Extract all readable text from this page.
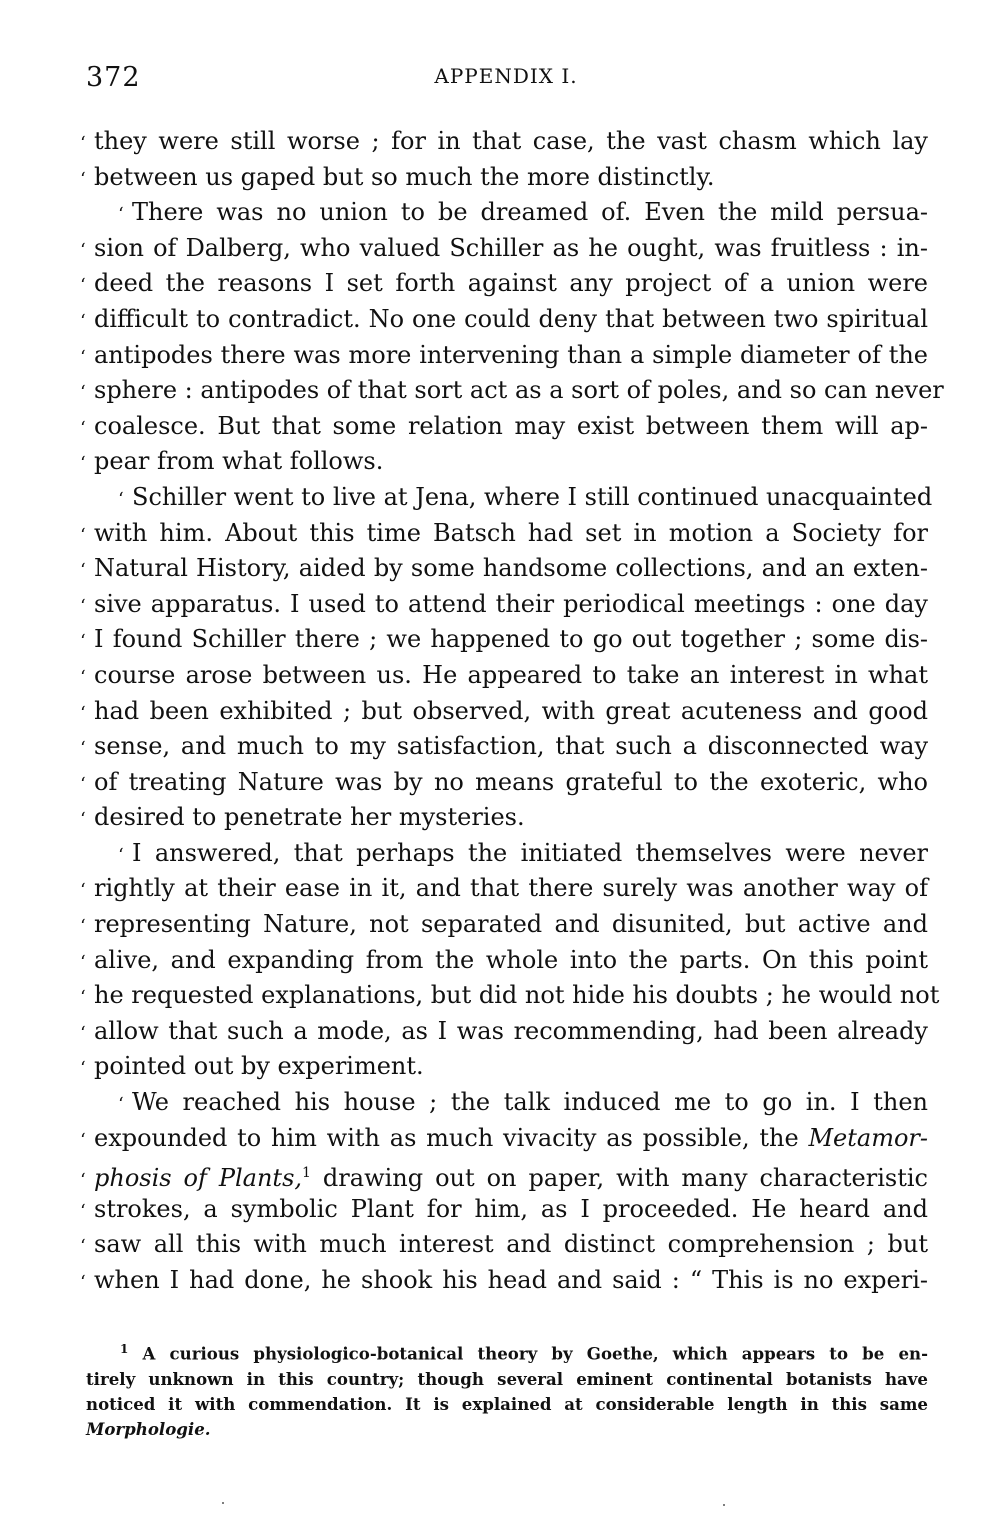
372	APPENDIX I.
‘ they were still worse ; for in that case, the vast chasm which lay
‘ between us gaped but so much the more distinctly.
‘ There was no union to be dreamed of. Even the mild persua-
‘ sion of Dalberg, who valued Schiller as he ought, was fruitless : in-
‘ deed the reasons I set forth against any project of a union were
‘ difficult to contradict. No one could deny that between two spiritual
‘ antipodes there was more intervening than a simple diameter of the
‘ sphere : antipodes of that sort act as a sort of poles, and so can never
‘ coalesce. But that some relation may exist between them will ap-
‘ pear from what follows.
‘ Schiller went to live at Jena, where I still continued unacquainted
‘ with him. About this time Batsch had set in motion a Society for
‘ Natural History, aided by some handsome collections, and an exten-
‘ sive apparatus. I used to attend their periodical meetings : one day
‘ I found Schiller there ; we happened to go out together ; some dis-
‘ course arose between us. He appeared to take an interest in what
‘ had been exhibited ; but observed, with great acuteness and good
‘ sense, and much to my satisfaction, that such a disconnected way
‘ of treating Nature was by no means grateful to the exoteric, who
‘ desired to penetrate her mysteries.
‘ I answered, that perhaps the initiated themselves were never
‘ rightly at their ease in it, and that there surely was another way of
‘ representing Nature, not separated and disunited, but active and
‘ alive, and expanding from the whole into the parts. On this point
‘ he requested explanations, but did not hide his doubts ; he would not
‘ allow that such a mode, as I was recommending, had been already
‘ pointed out by experiment.
‘ We reached his house ; the talk induced me to go in. I then
‘ expounded to him with as much vivacity as possible, the Metamor-
‘ phosis of Plants,$^1$ drawing out on paper, with many characteristic
‘ strokes, a symbolic Plant for him, as I proceeded. He heard and
‘ saw all this with much interest and distinct comprehension ; but
‘ when I had done, he shook his head and said : “ This is no experi-
$^1$ A curious physiologico-botanical theory by Goethe, which appears to be en-
tirely unknown in this country; though several eminent continental botanists have
noticed it with commendation. It is explained at considerable length in this same
Morphologie.
